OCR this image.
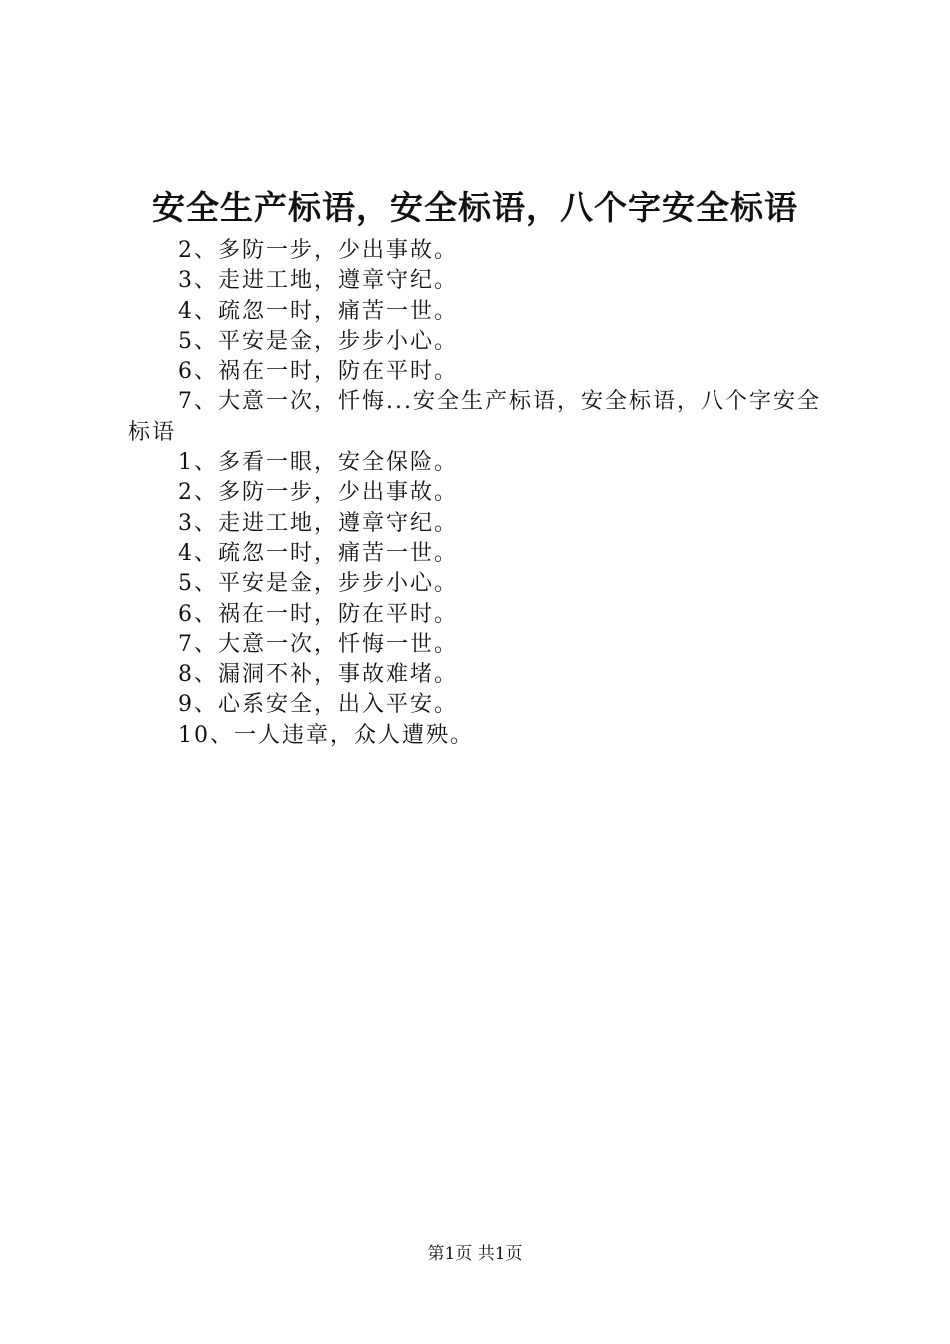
安全生产标语，安全标语，八个字安全标语
2、多防一步，少出事故。
3、走进工地，遵章守纪。
4、疏忽一时，痛苦一世。
5、平安是金，步步小心。
6、祸在一时，防在平时。
7、大意一次，忏悔...安全生产标语，安全标语，八个字安全标语
1、多看一眼，安全保险。
2、多防一步，少出事故。
3、走进工地，遵章守纪。
4、疏忽一时，痛苦一世。
5、平安是金，步步小心。
6、祸在一时，防在平时。
7、大意一次，忏悔一世。
8、漏洞不补，事故难堵。
9、心系安全，出入平安。
10、一人违章，众人遭殃。
第1页 共1页
